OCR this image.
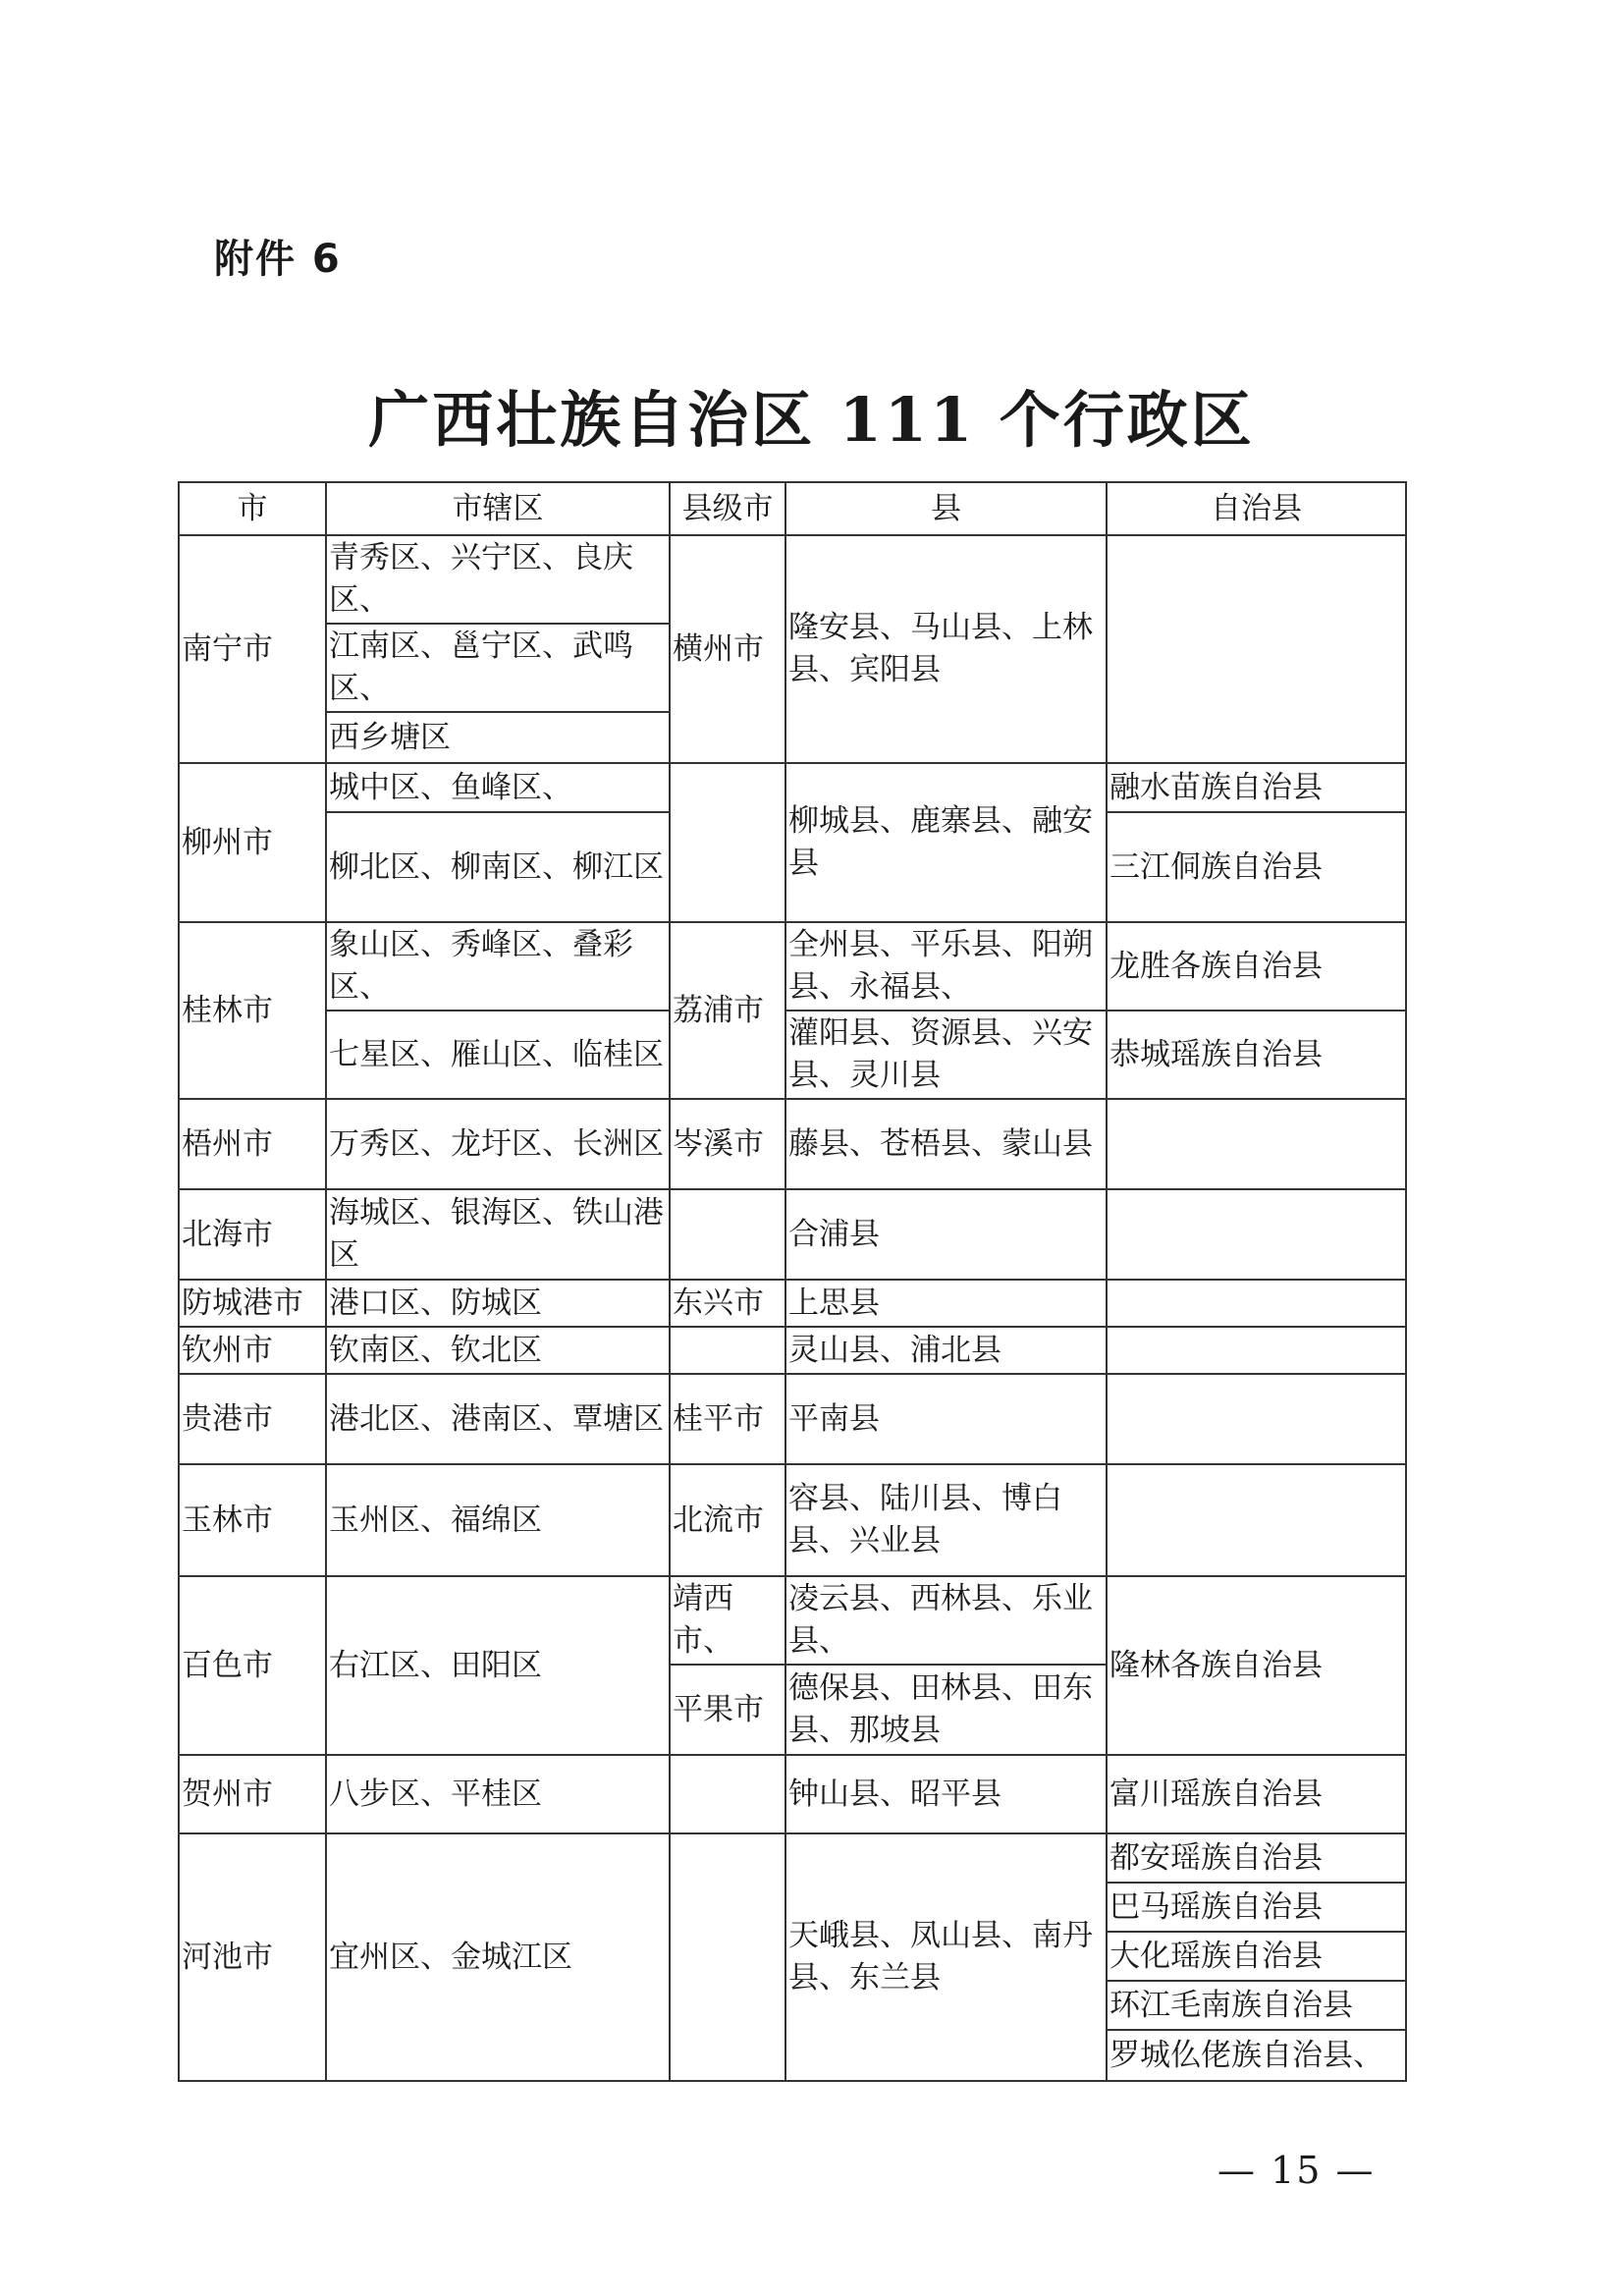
附件 6
广西壮族自治区 111 个行政区
市	市辖区	县级市	县	自治县
南宁市	青秀区、兴宁区、良庆区、	横州市	隆安县、马山县、上林县、宾阳县	
	江南区、邕宁区、武鸣区、			
	西乡塘区			
柳州市	城中区、鱼峰区、		柳城县、鹿寨县、融安县	融水苗族自治县
	柳北区、柳南区、柳江区			三江侗族自治县
桂林市	象山区、秀峰区、叠彩区、	荔浦市	全州县、平乐县、阳朔县、永福县、	龙胜各族自治县
	七星区、雁山区、临桂区		灌阳县、资源县、兴安县、灵川县	恭城瑶族自治县
梧州市	万秀区、龙圩区、长洲区	岑溪市	藤县、苍梧县、蒙山县	
北海市	海城区、银海区、铁山港区		合浦县	
防城港市	港口区、防城区	东兴市	上思县	
钦州市	钦南区、钦北区		灵山县、浦北县	
贵港市	港北区、港南区、覃塘区	桂平市	平南县	
玉林市	玉州区、福绵区	北流市	容县、陆川县、博白县、兴业县	
百色市	右江区、田阳区	靖西市、	凌云县、西林县、乐业县、	隆林各族自治县
		平果市	德保县、田林县、田东县、那坡县	
贺州市	八步区、平桂区		钟山县、昭平县	富川瑶族自治县
河池市	宜州区、金城江区		天峨县、凤山县、南丹县、东兰县	都安瑶族自治县
				巴马瑶族自治县
				大化瑶族自治县
				环江毛南族自治县
				罗城仫佬族自治县、
— 15 —
